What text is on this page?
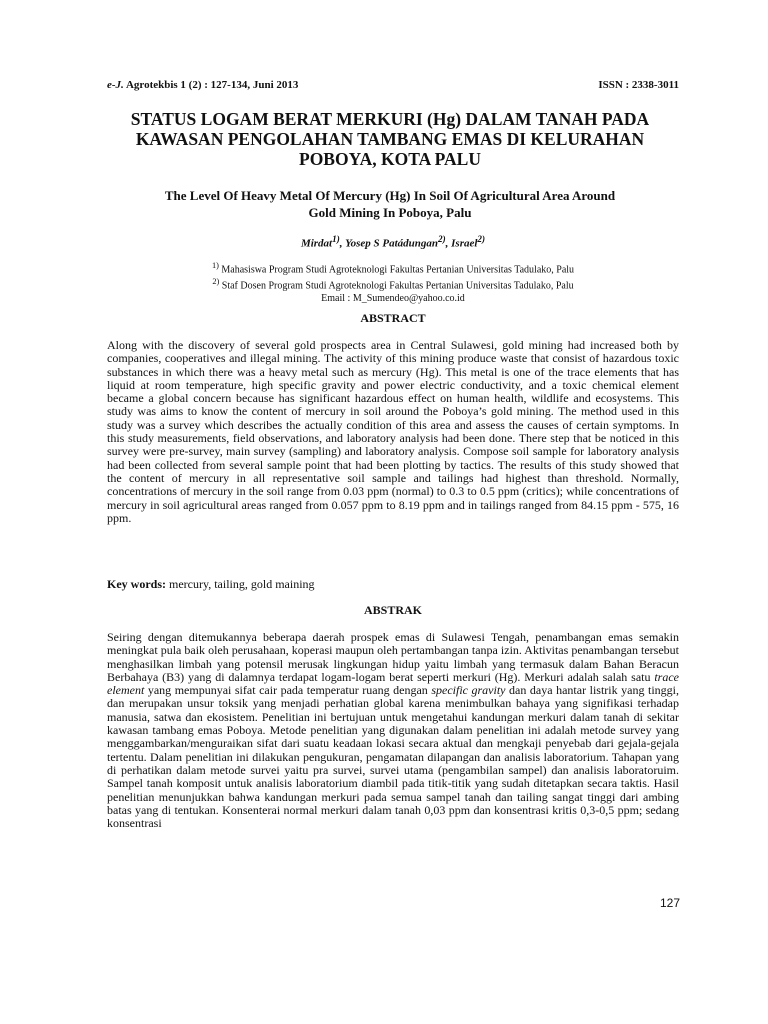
e-J. Agrotekbis 1 (2) : 127-134, Juni 2013	ISSN : 2338-3011
STATUS LOGAM BERAT MERKURI (Hg) DALAM TANAH PADA
KAWASAN PENGOLAHAN TAMBANG EMAS DI KELURAHAN
POBOYA, KOTA PALU
The Level Of Heavy Metal Of Mercury (Hg) In Soil Of Agricultural Area Around
Gold Mining In Poboya, Palu
Mirdat$^{1)}$, Yosep S Patádungan$^{2)}$, Israel$^{2)}$
$^{1)}$ Mahasiswa Program Studi Agroteknologi Fakultas Pertanian Universitas Tadulako, Palu
$^{2)}$ Staf Dosen Program Studi Agroteknologi Fakultas Pertanian Universitas Tadulako, Palu
Email : M_Sumendeo@yahoo.co.id
ABSTRACT

Along with the discovery of several gold prospects area in Central Sulawesi, gold mining had increased both by companies, cooperatives and illegal mining. The activity of this mining produce waste that consist of hazardous toxic substances in which there was a heavy metal such as mercury (Hg). This metal is one of the trace elements that has liquid at room temperature, high specific gravity and power electric conductivity, and a toxic chemical element became a global concern because has significant hazardous effect on human health, wildlife and ecosystems. This study was aims to know the content of mercury in soil around the Poboya’s gold mining. The method used in this study was a survey which describes the actually condition of this area and assess the causes of certain symptoms. In this study measurements, field observations, and laboratory analysis had been done. There step that be noticed in this survey were pre-survey, main survey (sampling) and laboratory analysis. Compose soil sample for laboratory analysis had been collected from several sample point that had been plotting by tactics. The results of this study showed that the content of mercury in all representative soil sample and tailings had highest than threshold. Normally, concentrations of mercury in the soil range from 0.03 ppm (normal) to 0.3 to 0.5 ppm (critics); while concentrations of mercury in soil agricultural areas ranged from 0.057 ppm to 8.19 ppm and in tailings ranged from 84.15 ppm - 575, 16 ppm.

Key words: mercury, tailing, gold maining
ABSTRAK

Seiring dengan ditemukannya beberapa daerah prospek emas di Sulawesi Tengah, penambangan emas semakin meningkat pula baik oleh perusahaan, koperasi maupun oleh pertambangan tanpa izin. Aktivitas penambangan tersebut menghasilkan limbah yang potensil merusak lingkungan hidup yaitu limbah yang termasuk dalam Bahan Beracun Berbahaya (B3) yang di dalamnya terdapat logam-logam berat seperti merkuri (Hg). Merkuri adalah salah satu trace element yang mempunyai sifat cair pada temperatur ruang dengan specific gravity dan daya hantar listrik yang tinggi, dan merupakan unsur toksik yang menjadi perhatian global karena menimbulkan bahaya yang signifikasi terhadap manusia, satwa dan ekosistem. Penelitian ini bertujuan untuk mengetahui kandungan merkuri dalam tanah di sekitar kawasan tambang emas Poboya. Metode penelitian yang digunakan dalam penelitian ini adalah metode survey yang menggambarkan/menguraikan sifat dari suatu keadaan lokasi secara aktual dan mengkaji penyebab dari gejala-gejala tertentu. Dalam penelitian ini dilakukan pengukuran, pengamatan dilapangan dan analisis laboratorium. Tahapan yang di perhatikan dalam metode survei yaitu pra survei, survei utama (pengambilan sampel) dan analisis laboratoruim. Sampel tanah komposit untuk analisis laboratorium diambil pada titik-titik yang sudah ditetapkan secara taktis. Hasil penelitian menunjukkan bahwa kandungan merkuri pada semua sampel tanah dan tailing sangat tinggi dari ambing batas yang di tentukan. Konsenterai normal merkuri dalam tanah 0,03 ppm dan konsentrasi kritis 0,3-0,5 ppm; sedang konsentrasi

127
